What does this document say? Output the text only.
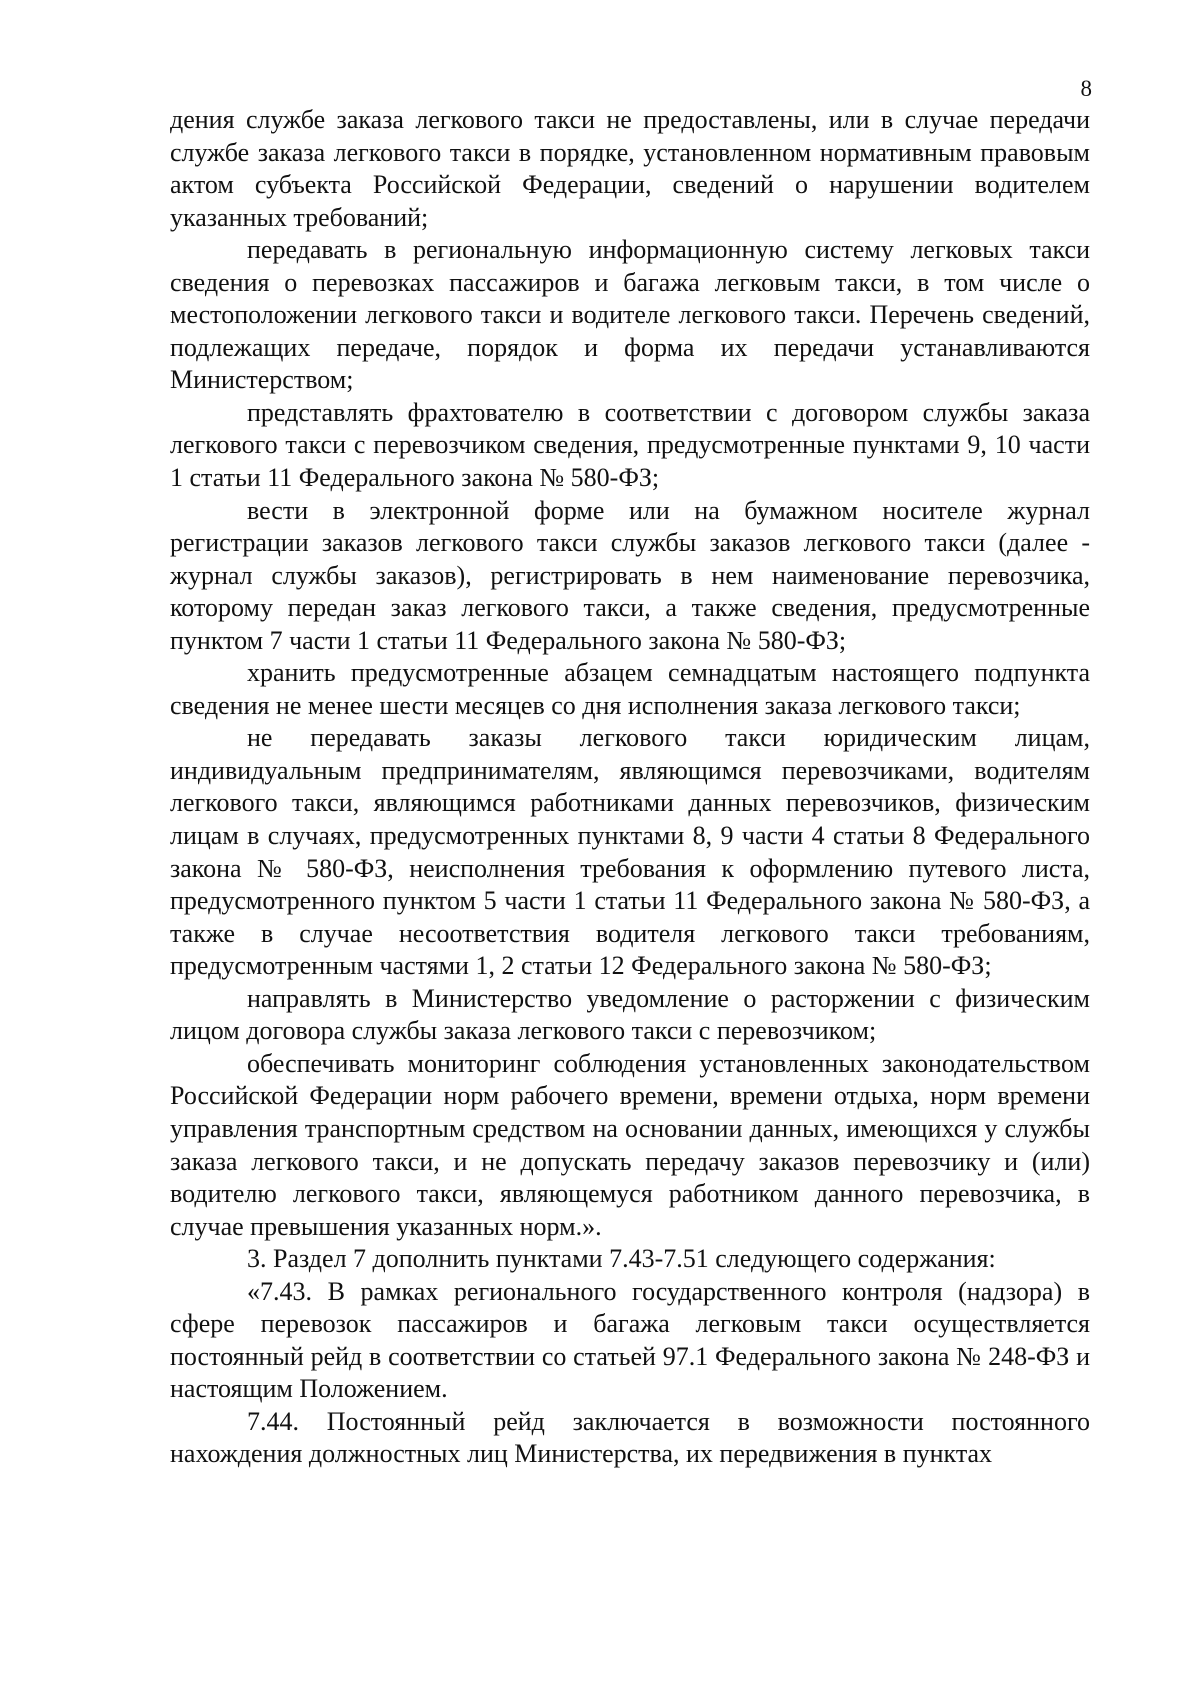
8

дения службе заказа легкового такси не предоставлены, или в случае передачи службе заказа легкового такси в порядке, установленном нормативным правовым актом субъекта Российской Федерации, сведений о нарушении водителем указанных требований;

передавать в региональную информационную систему легковых такси сведения о перевозках пассажиров и багажа легковым такси, в том числе о местоположении легкового такси и водителе легкового такси. Перечень сведений, подлежащих передаче, порядок и форма их передачи устанавливаются Министерством;

представлять фрахтователю в соответствии с договором службы заказа легкового такси с перевозчиком сведения, предусмотренные пунктами 9, 10 части 1 статьи 11 Федерального закона № 580-ФЗ;

вести в электронной форме или на бумажном носителе журнал регистрации заказов легкового такси службы заказов легкового такси (далее - журнал службы заказов), регистрировать в нем наименование перевозчика, которому передан заказ легкового такси, а также сведения, предусмотренные пунктом 7 части 1 статьи 11 Федерального закона № 580-ФЗ;

хранить предусмотренные абзацем семнадцатым настоящего подпункта сведения не менее шести месяцев со дня исполнения заказа легкового такси;

не передавать заказы легкового такси юридическим лицам, индивидуальным предпринимателям, являющимся перевозчиками, водителям легкового такси, являющимся работниками данных перевозчиков, физическим лицам в случаях, предусмотренных пунктами 8, 9 части 4 статьи 8 Федерального закона № 580-ФЗ, неисполнения требования к оформлению путевого листа, предусмотренного пунктом 5 части 1 статьи 11 Федерального закона № 580-ФЗ, а также в случае несоответствия водителя легкового такси требованиям, предусмотренным частями 1, 2 статьи 12 Федерального закона № 580-ФЗ;

направлять в Министерство уведомление о расторжении с физическим лицом договора службы заказа легкового такси с перевозчиком;

обеспечивать мониторинг соблюдения установленных законодательством Российской Федерации норм рабочего времени, времени отдыха, норм времени управления транспортным средством на основании данных, имеющихся у службы заказа легкового такси, и не допускать передачу заказов перевозчику и (или) водителю легкового такси, являющемуся работником данного перевозчика, в случае превышения указанных норм.».

3. Раздел 7 дополнить пунктами 7.43-7.51 следующего содержания:

«7.43. В рамках регионального государственного контроля (надзора) в сфере перевозок пассажиров и багажа легковым такси осуществляется постоянный рейд в соответствии со статьей 97.1 Федерального закона № 248-ФЗ и настоящим Положением.

7.44. Постоянный рейд заключается в возможности постоянного нахождения должностных лиц Министерства, их передвижения в пунктах
